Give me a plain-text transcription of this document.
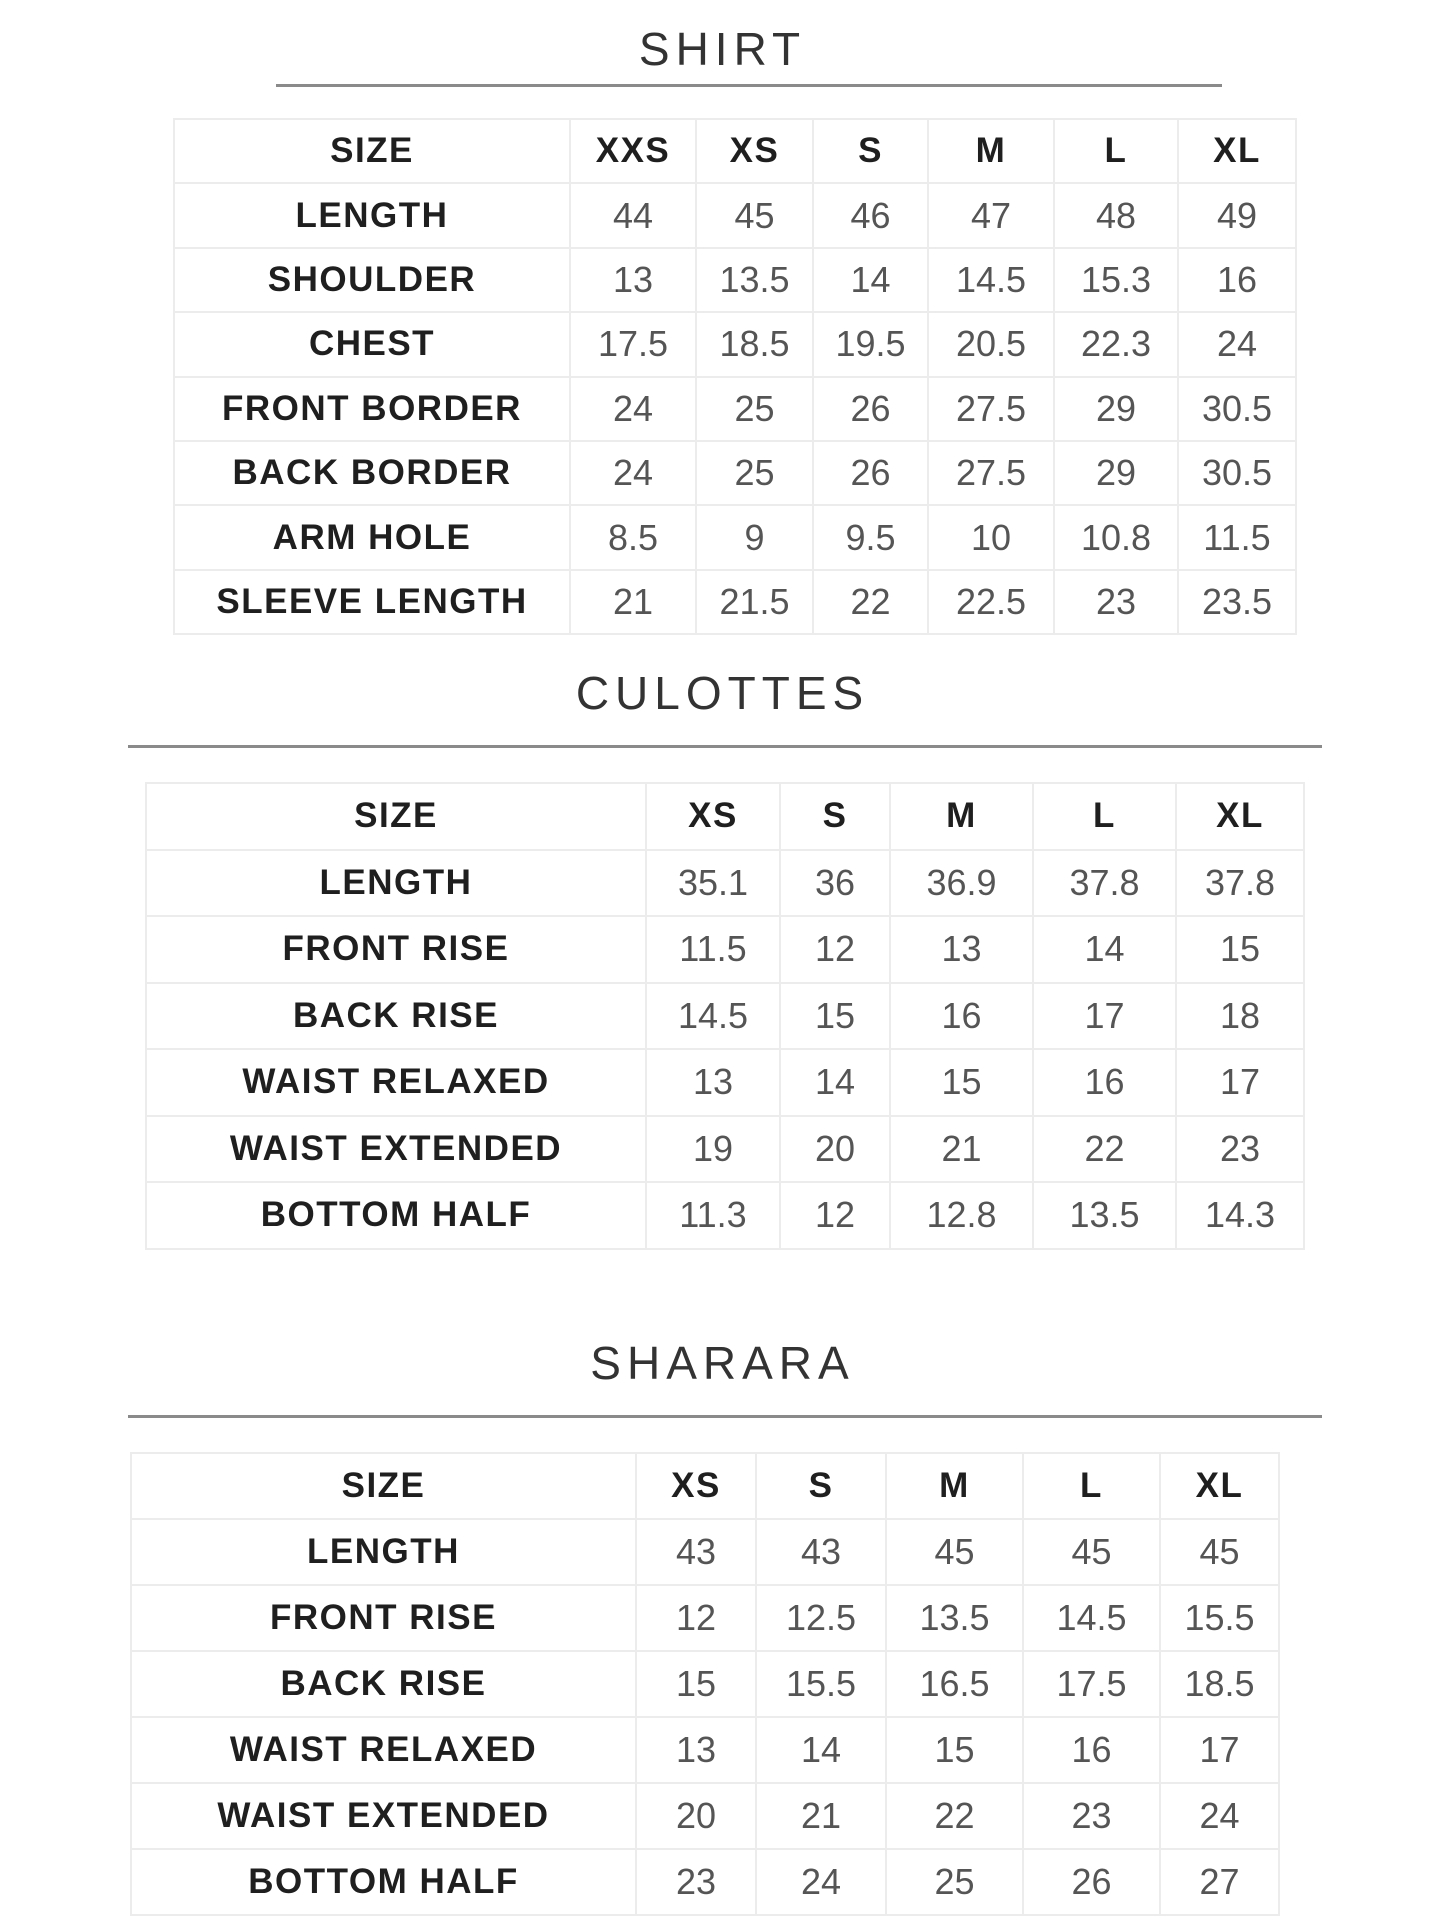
SHIRT
SIZE	XXS	XS	S	M	L	XL
LENGTH	44	45	46	47	48	49
SHOULDER	13	13.5	14	14.5	15.3	16
CHEST	17.5	18.5	19.5	20.5	22.3	24
FRONT BORDER	24	25	26	27.5	29	30.5
BACK BORDER	24	25	26	27.5	29	30.5
ARM HOLE	8.5	9	9.5	10	10.8	11.5
SLEEVE LENGTH	21	21.5	22	22.5	23	23.5
CULOTTES
SIZE	XS	S	M	L	XL
LENGTH	35.1	36	36.9	37.8	37.8
FRONT RISE	11.5	12	13	14	15
BACK RISE	14.5	15	16	17	18
WAIST RELAXED	13	14	15	16	17
WAIST EXTENDED	19	20	21	22	23
BOTTOM HALF	11.3	12	12.8	13.5	14.3
SHARARA
SIZE	XS	S	M	L	XL
LENGTH	43	43	45	45	45
FRONT RISE	12	12.5	13.5	14.5	15.5
BACK RISE	15	15.5	16.5	17.5	18.5
WAIST RELAXED	13	14	15	16	17
WAIST EXTENDED	20	21	22	23	24
BOTTOM HALF	23	24	25	26	27
